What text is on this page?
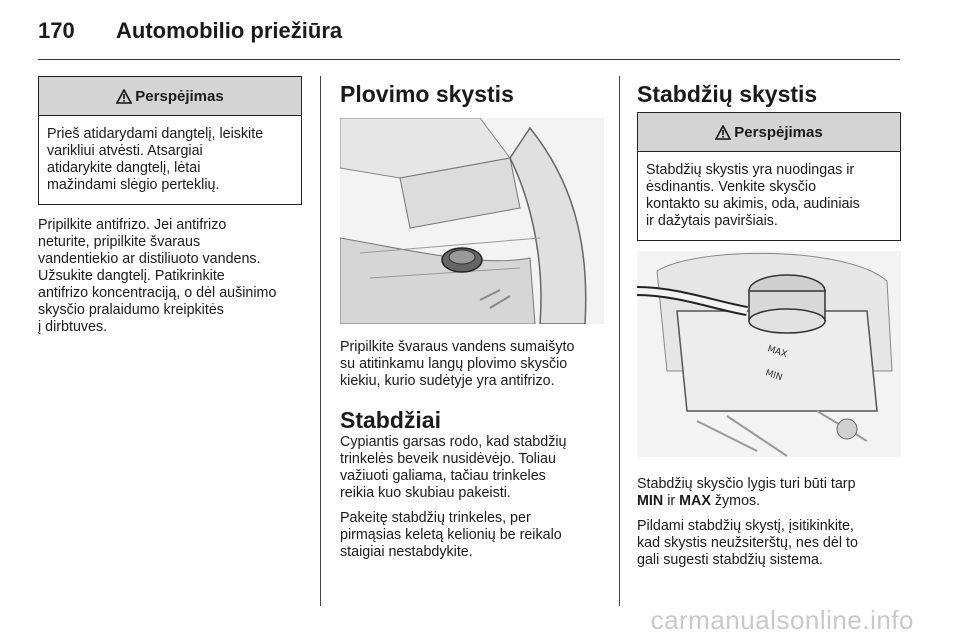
170	Automobilio priežiūra
Perspėjimas
Prieš atidarydami dangtelį, leiskite
varikliui atvėsti. Atsargiai
atidarykite dangtelį, lėtai
mažindami slėgio perteklių.

Pripilkite antifrizo. Jei antifrizo
neturite, pripilkite švaraus
vandentiekio ar distiliuoto vandens.
Užsukite dangtelį. Patikrinkite
antifrizo koncentraciją, o dėl aušinimo
skysčio pralaidumo kreipkitės
į dirbtuves.

Plovimo skystis

Pripilkite švaraus vandens sumaišyto
su atitinkamu langų plovimo skysčio
kiekiu, kurio sudėtyje yra antifrizo.

Stabdžiai

Cypiantis garsas rodo, kad stabdžių
trinkelės beveik nusidėvėjo. Toliau
važiuoti galiama, tačiau trinkeles
reikia kuo skubiau pakeisti.

Pakeitę stabdžių trinkeles, per
pirmąsias keletą kelionių be reikalo
staigiai nestabdykite.

Stabdžių skystis
Perspėjimas
Stabdžių skystis yra nuodingas ir
ėsdinantis. Venkite skysčio
kontakto su akimis, oda, audiniais
ir dažytais paviršiais.
MAX
MIN

Stabdžių skysčio lygis turi būti tarp
MIN ir MAX žymos.

Pildami stabdžių skystį, įsitikinkite,
kad skystis neužsiterštų, nes dėl to
gali sugesti stabdžių sistema.

carmanualsonline.info
